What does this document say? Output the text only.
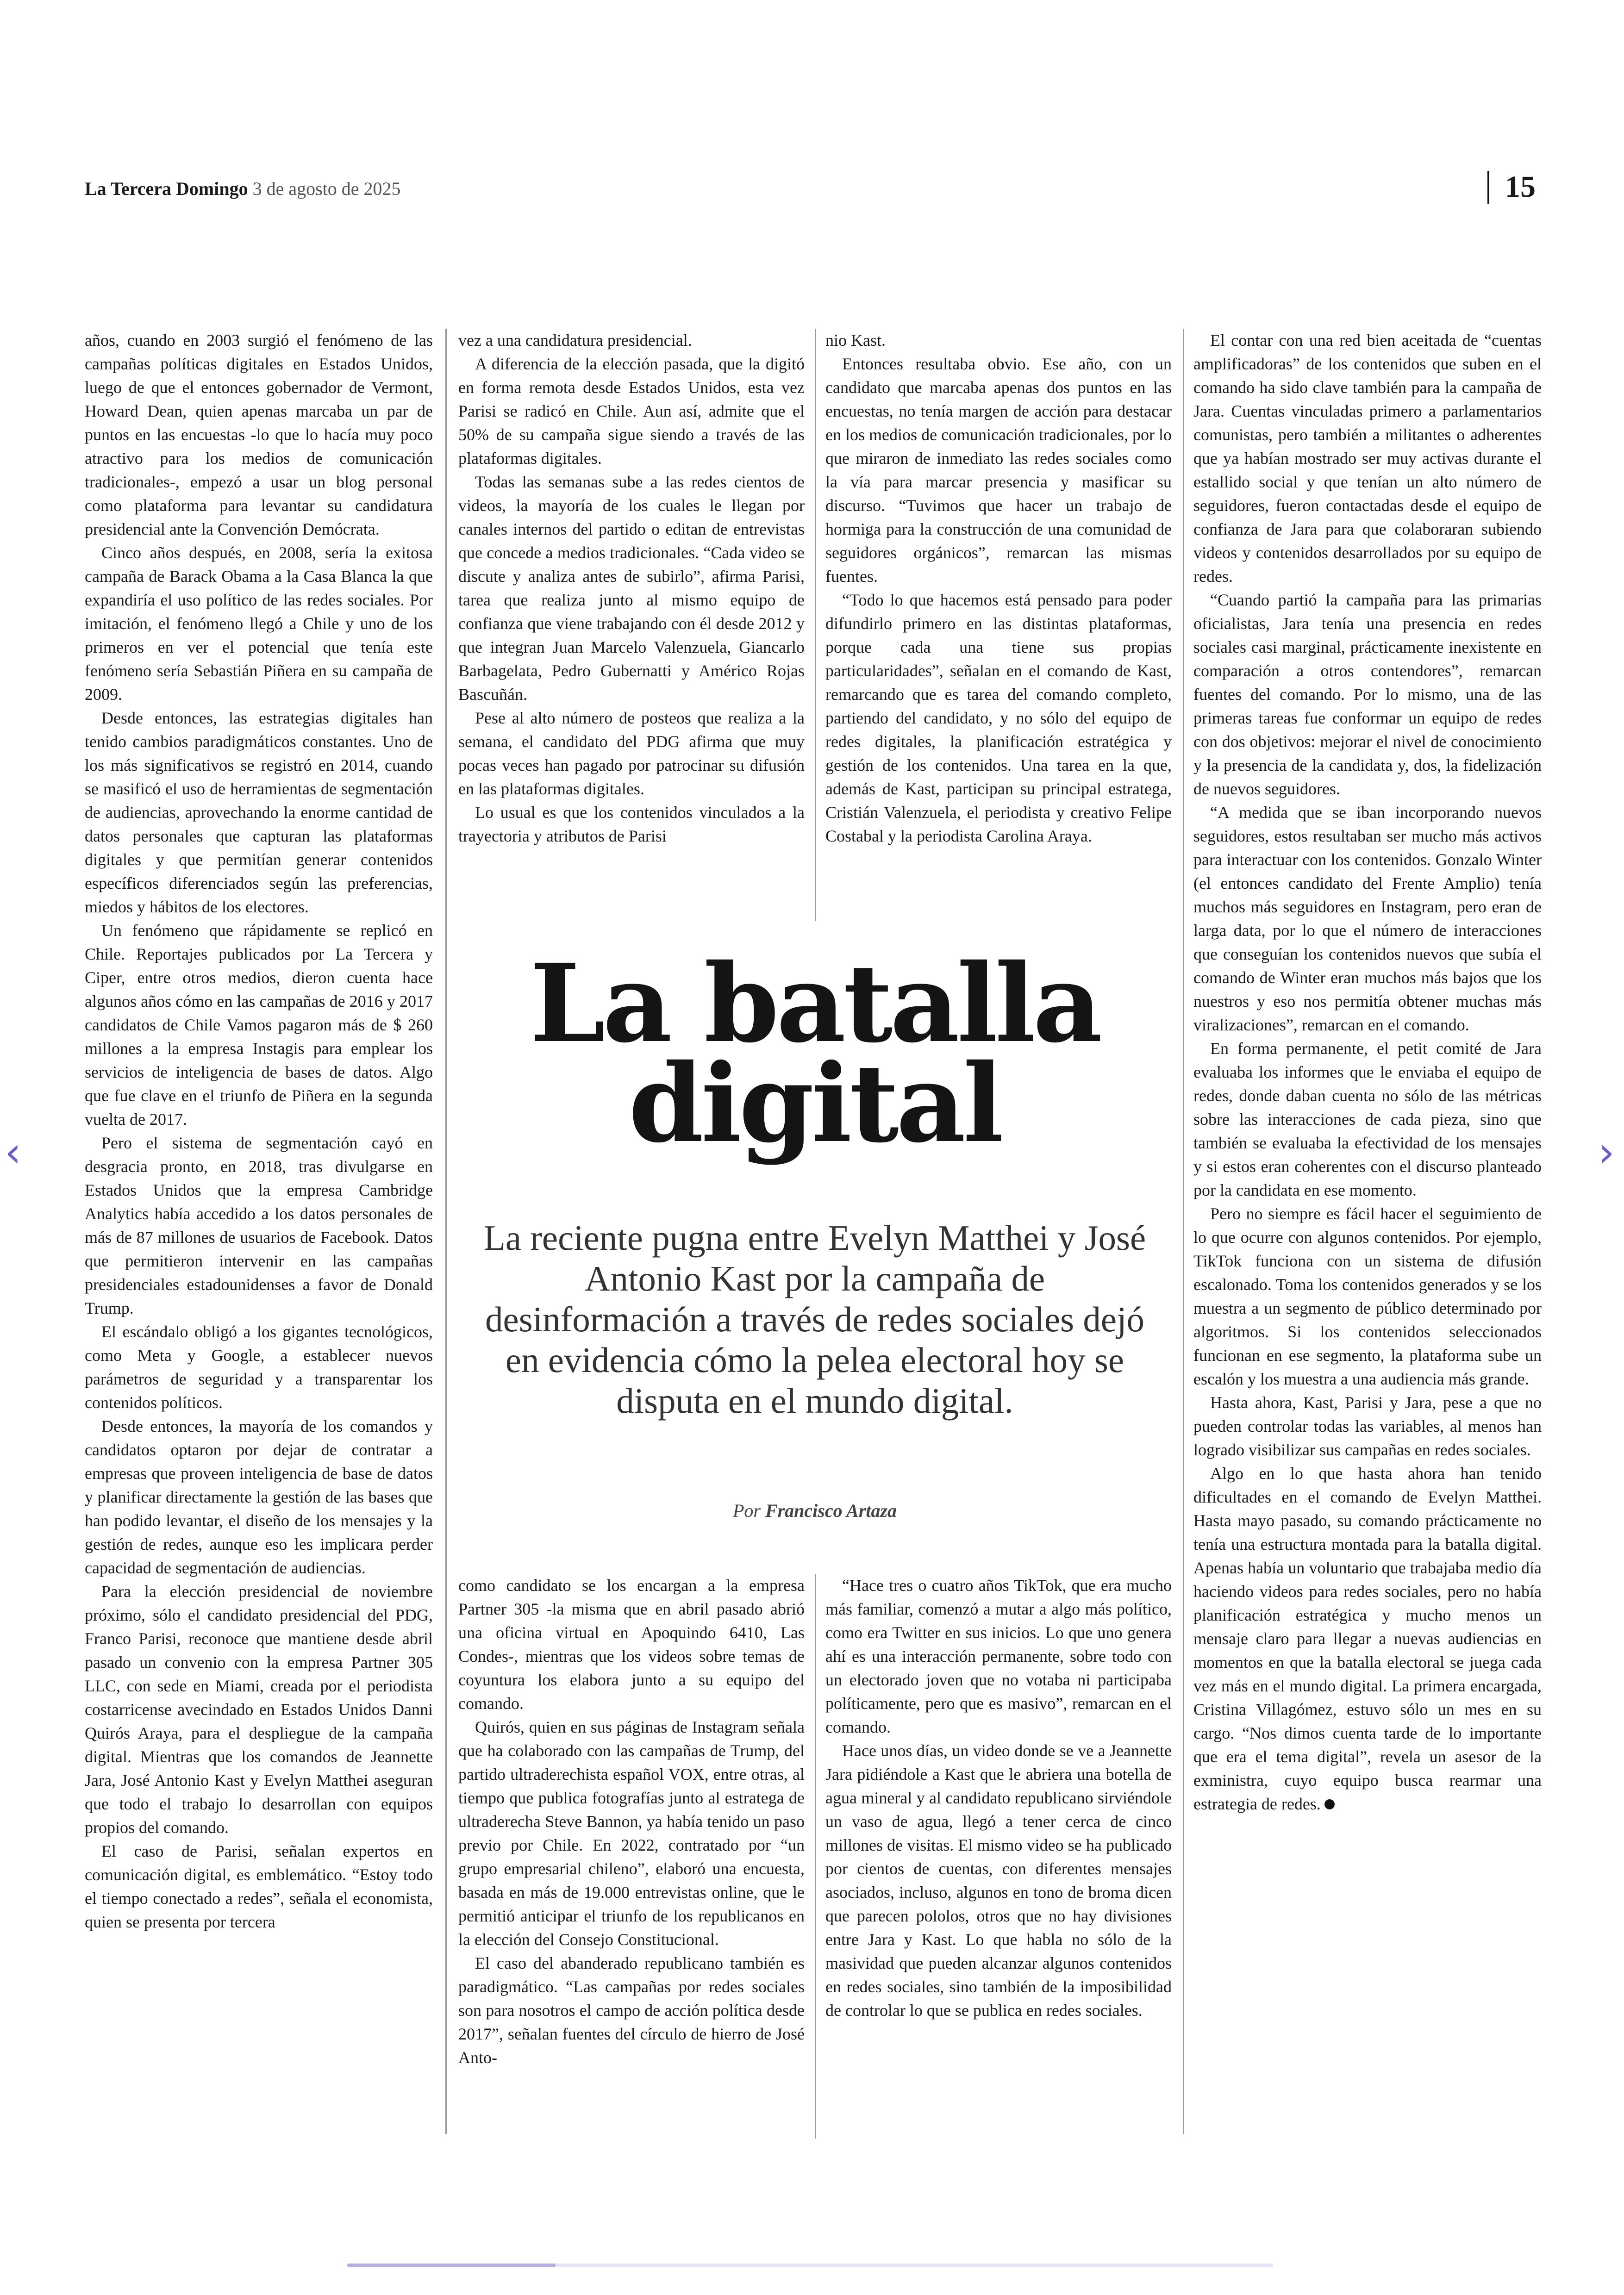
La Tercera Domingo 3 de agosto de 2025	15

años, cuando en 2003 surgió el fenómeno de las campañas políticas digitales en Estados Unidos, luego de que el entonces gobernador de Vermont, Howard Dean, quien apenas marcaba un par de puntos en las encuestas -lo que lo hacía muy poco atractivo para los medios de comunicación tradicionales-, empezó a usar un blog personal como plataforma para levantar su candidatura presidencial ante la Convención Demócrata.

Cinco años después, en 2008, sería la exitosa campaña de Barack Obama a la Casa Blanca la que expandiría el uso político de las redes sociales. Por imitación, el fenómeno llegó a Chile y uno de los primeros en ver el potencial que tenía este fenómeno sería Sebastián Piñera en su campaña de 2009.

Desde entonces, las estrategias digitales han tenido cambios paradigmáticos constantes. Uno de los más significativos se registró en 2014, cuando se masificó el uso de herramientas de segmentación de audiencias, aprovechando la enorme cantidad de datos personales que capturan las plataformas digitales y que permitían generar contenidos específicos diferenciados según las preferencias, miedos y hábitos de los electores.

Un fenómeno que rápidamente se replicó en Chile. Reportajes publicados por La Tercera y Ciper, entre otros medios, dieron cuenta hace algunos años cómo en las campañas de 2016 y 2017 candidatos de Chile Vamos pagaron más de $ 260 millones a la empresa Instagis para emplear los servicios de inteligencia de bases de datos. Algo que fue clave en el triunfo de Piñera en la segunda vuelta de 2017.

Pero el sistema de segmentación cayó en desgracia pronto, en 2018, tras divulgarse en Estados Unidos que la empresa Cambridge Analytics había accedido a los datos personales de más de 87 millones de usuarios de Facebook. Datos que permitieron intervenir en las campañas presidenciales estadounidenses a favor de Donald Trump.

El escándalo obligó a los gigantes tecnológicos, como Meta y Google, a establecer nuevos parámetros de seguridad y a transparentar los contenidos políticos.

Desde entonces, la mayoría de los comandos y candidatos optaron por dejar de contratar a empresas que proveen inteligencia de base de datos y planificar directamente la gestión de las bases que han podido levantar, el diseño de los mensajes y la gestión de redes, aunque eso les implicara perder capacidad de segmentación de audiencias.

Para la elección presidencial de noviembre próximo, sólo el candidato presidencial del PDG, Franco Parisi, reconoce que mantiene desde abril pasado un convenio con la empresa Partner 305 LLC, con sede en Miami, creada por el periodista costarricense avecindado en Estados Unidos Danni Quirós Araya, para el despliegue de la campaña digital. Mientras que los comandos de Jeannette Jara, José Antonio Kast y Evelyn Matthei aseguran que todo el trabajo lo desarrollan con equipos propios del comando.

El caso de Parisi, señalan expertos en comunicación digital, es emblemático. “Estoy todo el tiempo conectado a redes”, señala el economista, quien se presenta por tercera

vez a una candidatura presidencial.

A diferencia de la elección pasada, que la digitó en forma remota desde Estados Unidos, esta vez Parisi se radicó en Chile. Aun así, admite que el 50% de su campaña sigue siendo a través de las plataformas digitales.

Todas las semanas sube a las redes cientos de videos, la mayoría de los cuales le llegan por canales internos del partido o editan de entrevistas que concede a medios tradicionales. “Cada video se discute y analiza antes de subirlo”, afirma Parisi, tarea que realiza junto al mismo equipo de confianza que viene trabajando con él desde 2012 y que integran Juan Marcelo Valenzuela, Giancarlo Barbagelata, Pedro Gubernatti y Américo Rojas Bascuñán.

Pese al alto número de posteos que realiza a la semana, el candidato del PDG afirma que muy pocas veces han pagado por patrocinar su difusión en las plataformas digitales.

Lo usual es que los contenidos vinculados a la trayectoria y atributos de Parisi

nio Kast.

Entonces resultaba obvio. Ese año, con un candidato que marcaba apenas dos puntos en las encuestas, no tenía margen de acción para destacar en los medios de comunicación tradicionales, por lo que miraron de inmediato las redes sociales como la vía para marcar presencia y masificar su discurso. “Tuvimos que hacer un trabajo de hormiga para la construcción de una comunidad de seguidores orgánicos”, remarcan las mismas fuentes.

“Todo lo que hacemos está pensado para poder difundirlo primero en las distintas plataformas, porque cada una tiene sus propias particularidades”, señalan en el comando de Kast, remarcando que es tarea del comando completo, partiendo del candidato, y no sólo del equipo de redes digitales, la planificación estratégica y gestión de los contenidos. Una tarea en la que, además de Kast, participan su principal estratega, Cristián Valenzuela, el periodista y creativo Felipe Costabal y la periodista Carolina Araya.

La batalla
digital
La reciente pugna entre Evelyn Matthei y José Antonio Kast por la campaña de desinformación a través de redes sociales dejó en evidencia cómo la pelea electoral hoy se disputa en el mundo digital.
Por Francisco Artaza

como candidato se los encargan a la empresa Partner 305 -la misma que en abril pasado abrió una oficina virtual en Apoquindo 6410, Las Condes-, mientras que los videos sobre temas de coyuntura los elabora junto a su equipo del comando.

Quirós, quien en sus páginas de Instagram señala que ha colaborado con las campañas de Trump, del partido ultraderechista español VOX, entre otras, al tiempo que publica fotografías junto al estratega de ultraderecha Steve Bannon, ya había tenido un paso previo por Chile. En 2022, contratado por “un grupo empresarial chileno”, elaboró una encuesta, basada en más de 19.000 entrevistas online, que le permitió anticipar el triunfo de los republicanos en la elección del Consejo Constitucional.

El caso del abanderado republicano también es paradigmático. “Las campañas por redes sociales son para nosotros el campo de acción política desde 2017”, señalan fuentes del círculo de hierro de José Anto-

“Hace tres o cuatro años TikTok, que era mucho más familiar, comenzó a mutar a algo más político, como era Twitter en sus inicios. Lo que uno genera ahí es una interacción permanente, sobre todo con un electorado joven que no votaba ni participaba políticamente, pero que es masivo”, remarcan en el comando.

Hace unos días, un video donde se ve a Jeannette Jara pidiéndole a Kast que le abriera una botella de agua mineral y al candidato republicano sirviéndole un vaso de agua, llegó a tener cerca de cinco millones de visitas. El mismo video se ha publicado por cientos de cuentas, con diferentes mensajes asociados, incluso, algunos en tono de broma dicen que parecen pololos, otros que no hay divisiones entre Jara y Kast. Lo que habla no sólo de la masividad que pueden alcanzar algunos contenidos en redes sociales, sino también de la imposibilidad de controlar lo que se publica en redes sociales.

El contar con una red bien aceitada de “cuentas amplificadoras” de los contenidos que suben en el comando ha sido clave también para la campaña de Jara. Cuentas vinculadas primero a parlamentarios comunistas, pero también a militantes o adherentes que ya habían mostrado ser muy activas durante el estallido social y que tenían un alto número de seguidores, fueron contactadas desde el equipo de confianza de Jara para que colaboraran subiendo videos y contenidos desarrollados por su equipo de redes.

“Cuando partió la campaña para las primarias oficialistas, Jara tenía una presencia en redes sociales casi marginal, prácticamente inexistente en comparación a otros contendores”, remarcan fuentes del comando. Por lo mismo, una de las primeras tareas fue conformar un equipo de redes con dos objetivos: mejorar el nivel de conocimiento y la presencia de la candidata y, dos, la fidelización de nuevos seguidores.

“A medida que se iban incorporando nuevos seguidores, estos resultaban ser mucho más activos para interactuar con los contenidos. Gonzalo Winter (el entonces candidato del Frente Amplio) tenía muchos más seguidores en Instagram, pero eran de larga data, por lo que el número de interacciones que conseguían los contenidos nuevos que subía el comando de Winter eran muchos más bajos que los nuestros y eso nos permitía obtener muchas más viralizaciones”, remarcan en el comando.

En forma permanente, el petit comité de Jara evaluaba los informes que le enviaba el equipo de redes, donde daban cuenta no sólo de las métricas sobre las interacciones de cada pieza, sino que también se evaluaba la efectividad de los mensajes y si estos eran coherentes con el discurso planteado por la candidata en ese momento.

Pero no siempre es fácil hacer el seguimiento de lo que ocurre con algunos contenidos. Por ejemplo, TikTok funciona con un sistema de difusión escalonado. Toma los contenidos generados y se los muestra a un segmento de público determinado por algoritmos. Si los contenidos seleccionados funcionan en ese segmento, la plataforma sube un escalón y los muestra a una audiencia más grande.

Hasta ahora, Kast, Parisi y Jara, pese a que no pueden controlar todas las variables, al menos han logrado visibilizar sus campañas en redes sociales.

Algo en lo que hasta ahora han tenido dificultades en el comando de Evelyn Matthei. Hasta mayo pasado, su comando prácticamente no tenía una estructura montada para la batalla digital. Apenas había un voluntario que trabajaba medio día haciendo videos para redes sociales, pero no había planificación estratégica y mucho menos un mensaje claro para llegar a nuevas audiencias en momentos en que la batalla electoral se juega cada vez más en el mundo digital. La primera encargada, Cristina Villagómez, estuvo sólo un mes en su cargo. “Nos dimos cuenta tarde de lo importante que era el tema digital”, revela un asesor de la exministra, cuyo equipo busca rearmar una estrategia de redes.

‹	›
